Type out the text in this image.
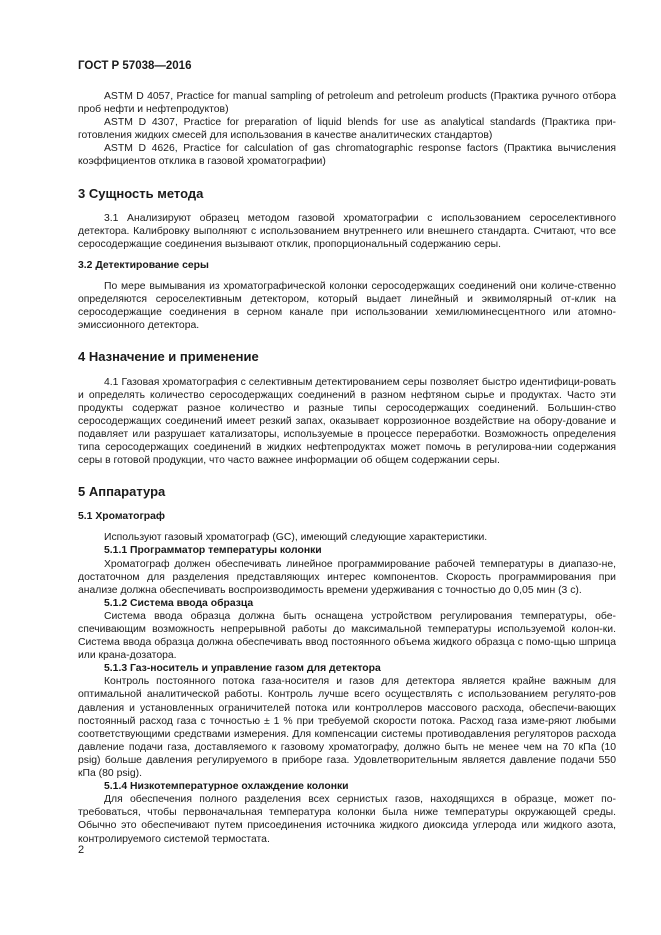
ГОСТ Р 57038—2016

ASTM D 4057, Practice for manual sampling of petroleum and petroleum products (Практика ручного отбора проб нефти и нефтепродуктов)

ASTM D 4307, Practice for preparation of liquid blends for use as analytical standards (Практика при-готовления жидких смесей для использования в качестве аналитических стандартов)

ASTM D 4626, Practice for calculation of gas chromatographic response factors (Практика вычисления коэффициентов отклика в газовой хроматографии)

3 Сущность метода

3.1 Анализируют образец методом газовой хроматографии с использованием сероселективного детектора. Калибровку выполняют с использованием внутреннего или внешнего стандарта. Считают, что все серосодержащие соединения вызывают отклик, пропорциональный содержанию серы.

3.2 Детектирование серы

По мере вымывания из хроматографической колонки серосодержащих соединений они количе-ственно определяются сероселективным детектором, который выдает линейный и эквимолярный от-клик на серосодержащие соединения в серном канале при использовании хемилюминесцентного или атомно-эмиссионного детектора.

4 Назначение и применение

4.1 Газовая хроматография с селективным детектированием серы позволяет быстро идентифици-ровать и определять количество серосодержащих соединений в разном нефтяном сырье и продуктах. Часто эти продукты содержат разное количество и разные типы серосодержащих соединений. Большин-ство серосодержащих соединений имеет резкий запах, оказывает коррозионное воздействие на обору-дование и подавляет или разрушает катализаторы, используемые в процессе переработки. Возможность определения типа серосодержащих соединений в жидких нефтепродуктах может помочь в регулирова-нии содержания серы в готовой продукции, что часто важнее информации об общем содержании серы.

5 Аппаратура
5.1 Хроматограф

Используют газовый хроматограф (GC), имеющий следующие характеристики.

5.1.1 Программатор температуры колонки

Хроматограф должен обеспечивать линейное программирование рабочей температуры в диапазо-не, достаточном для разделения представляющих интерес компонентов. Скорость программирования при анализе должна обеспечивать воспроизводимость времени удерживания с точностью до 0,05 мин (3 с).

5.1.2 Система ввода образца

Система ввода образца должна быть оснащена устройством регулирования температуры, обе-спечивающим возможность непрерывной работы до максимальной температуры используемой колон-ки. Система ввода образца должна обеспечивать ввод постоянного объема жидкого образца с помо-щью шприца или крана-дозатора.

5.1.3 Газ-носитель и управление газом для детектора

Контроль постоянного потока газа-носителя и газов для детектора является крайне важным для оптимальной аналитической работы. Контроль лучше всего осуществлять с использованием регулято-ров давления и установленных ограничителей потока или контроллеров массового расхода, обеспечи-вающих постоянный расход газа с точностью ± 1 % при требуемой скорости потока. Расход газа изме-ряют любыми соответствующими средствами измерения. Для компенсации системы противодавления регуляторов расхода давление подачи газа, доставляемого к газовому хроматографу, должно быть не менее чем на 70 кПа (10 psig) больше давления регулируемого в приборе газа. Удовлетворительным является давление подачи 550 кПа (80 psig).

5.1.4 Низкотемпературное охлаждение колонки

Для обеспечения полного разделения всех сернистых газов, находящихся в образце, может по-требоваться, чтобы первоначальная температура колонки была ниже температуры окружающей среды. Обычно это обеспечивают путем присоединения источника жидкого диоксида углерода или жидкого азота, контролируемого системой термостата.

2
